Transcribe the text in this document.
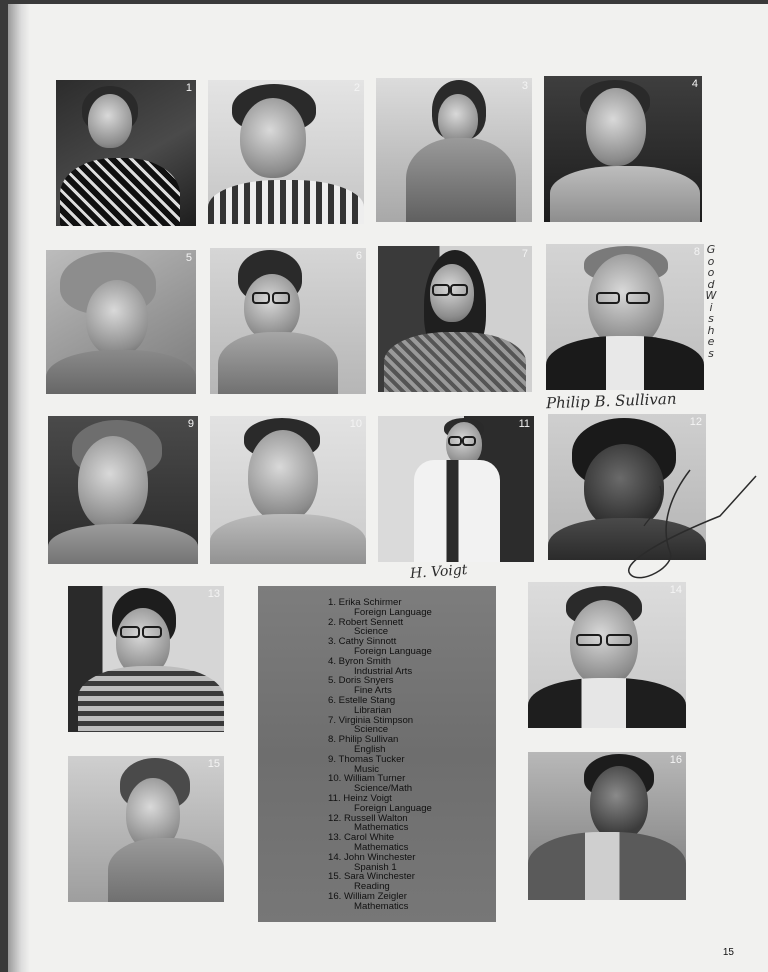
1	2	3	4
5	6	7	8
9	10	11	12
13	14
15	16
1. Erika Schirmer
Foreign Language
2. Robert Sennett
Science
3. Cathy Sinnott
Foreign Language
4. Byron Smith
Industrial Arts
5. Doris Snyers
Fine Arts
6. Estelle Stang
Librarian
7. Virginia Stimpson
Science
8. Philip Sullivan
English
9. Thomas Tucker
Music
10. William Turner
Science/Math
11. Heinz Voigt
Foreign Language
12. Russell Walton
Mathematics
13. Carol White
Mathematics
14. John Winchester
Spanish 1
15. Sara Winchester
Reading
16. William Zeigler
Mathematics
G
o
o
d
W
i
s
h
e
s
Philip B. Sullivan
H. Voigt
15
